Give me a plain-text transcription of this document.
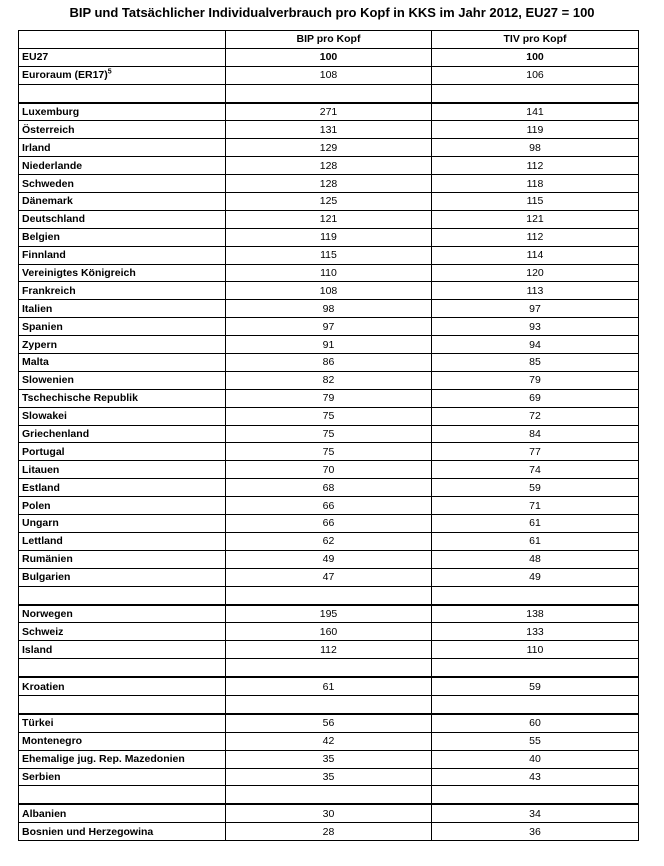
BIP und Tatsächlicher Individualverbrauch pro Kopf in KKS im Jahr 2012, EU27 = 100
	BIP pro Kopf	TIV pro Kopf
EU27	100	100
Euroraum $(ER17)^5$	108	106

Luxemburg	271	141
Österreich	131	119
Irland	129	98
Niederlande	128	112
Schweden	128	118
Dänemark	125	115
Deutschland	121	121
Belgien	119	112
Finnland	115	114
Vereinigtes Königreich	110	120
Frankreich	108	113
Italien	98	97
Spanien	97	93
Zypern	91	94
Malta	86	85
Slowenien	82	79
Tschechische Republik	79	69
Slowakei	75	72
Griechenland	75	84
Portugal	75	77
Litauen	70	74
Estland	68	59
Polen	66	71
Ungarn	66	61
Lettland	62	61
Rumänien	49	48
Bulgarien	47	49

Norwegen	195	138
Schweiz	160	133
Island	112	110

Kroatien	61	59

Türkei	56	60
Montenegro	42	55
Ehemalige jug. Rep. Mazedonien	35	40
Serbien	35	43

Albanien	30	34
Bosnien und Herzegowina	28	36
